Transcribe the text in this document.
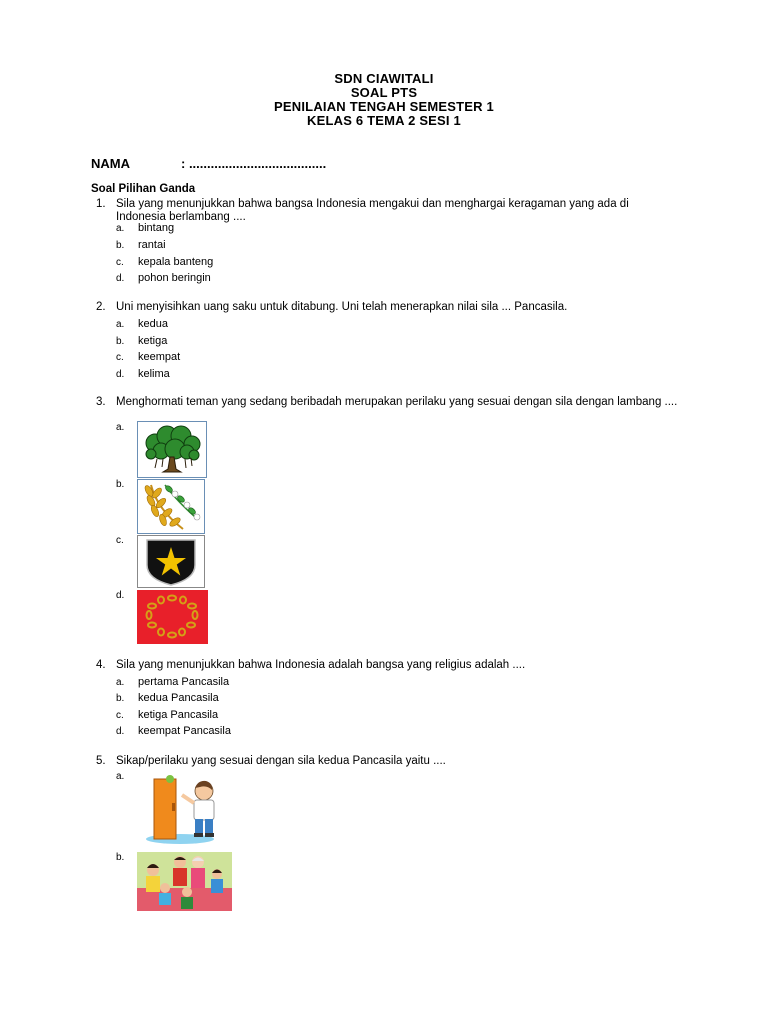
SDN CIAWITALI
SOAL PTS
PENILAIAN TENGAH SEMESTER 1
KELAS 6 TEMA 2 SESI 1
NAMA	: ......................................
Soal Pilihan Ganda
1. Sila yang menunjukkan bahwa bangsa Indonesia mengakui dan menghargai keragaman yang ada di Indonesia berlambang ....
a. bintang
b. rantai
c. kepala banteng
d. pohon beringin
2. Uni menyisihkan uang saku untuk ditabung. Uni telah menerapkan nilai sila ... Pancasila.
a. kedua
b. ketiga
c. keempat
d. kelima
3. Menghormati teman yang sedang beribadah merupakan perilaku yang sesuai dengan sila dengan lambang ....
a.
b.
c.
d.
4. Sila yang menunjukkan bahwa Indonesia adalah bangsa yang religius adalah ....
a. pertama Pancasila
b. kedua Pancasila
c. ketiga Pancasila
d. keempat Pancasila
5. Sikap/perilaku yang sesuai dengan sila kedua Pancasila yaitu ....
a.
b.
